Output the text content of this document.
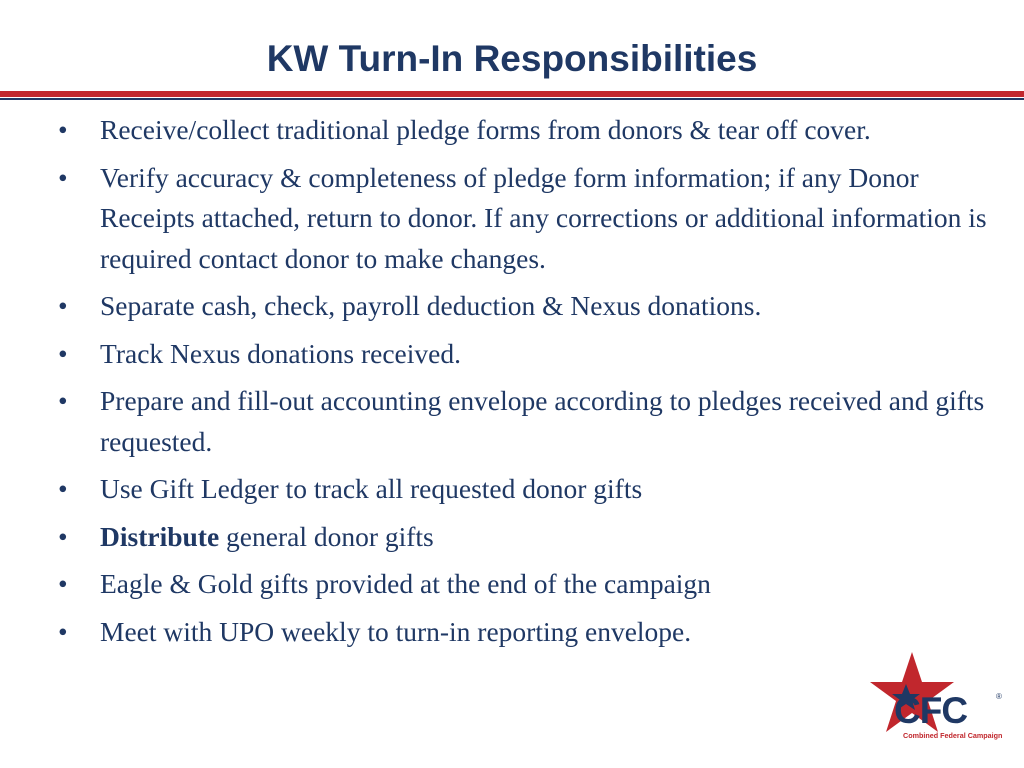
KW Turn-In Responsibilities
• Receive/collect traditional pledge forms from donors & tear off cover.
• Verify accuracy & completeness of pledge form information; if any Donor Receipts attached, return to donor. If any corrections or additional information is required contact donor to make changes.
• Separate cash, check, payroll deduction & Nexus donations.
• Track Nexus donations received.
• Prepare and fill-out accounting envelope according to pledges received and gifts requested.
• Use Gift Ledger to track all requested donor gifts
• Distribute general donor gifts
• Eagle & Gold gifts provided at the end of the campaign
• Meet with UPO weekly to turn-in reporting envelope.
CFC	®
Combined Federal Campaign
